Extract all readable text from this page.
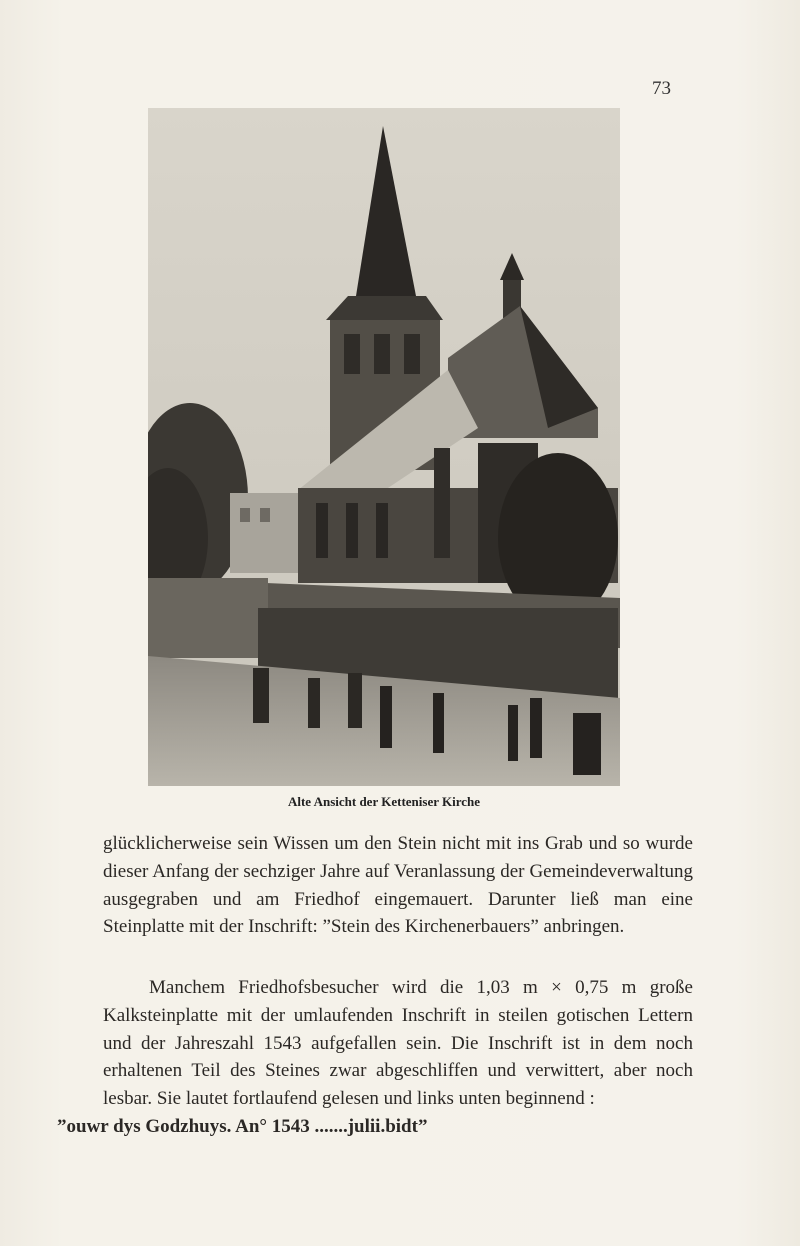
73
Alte Ansicht der Ketteniser Kirche

glücklicherweise sein Wissen um den Stein nicht mit ins Grab und so wurde dieser Anfang der sechziger Jahre auf Veranlassung der Gemeindeverwaltung ausgegraben und am Friedhof eingemauert. Darunter ließ man eine Steinplatte mit der Inschrift: ”Stein des Kirchenerbauers” anbringen.

Manchem Friedhofsbesucher wird die 1,03 m × 0,75 m große Kalksteinplatte mit der umlaufenden Inschrift in steilen gotischen Lettern und der Jahreszahl 1543 aufgefallen sein. Die Inschrift ist in dem noch erhaltenen Teil des Steines zwar abgeschliffen und verwittert, aber noch lesbar. Sie lautet fortlaufend gelesen und links unten beginnend :
”ouwr dys Godzhuys. An° 1543 .......julii.bidt”
